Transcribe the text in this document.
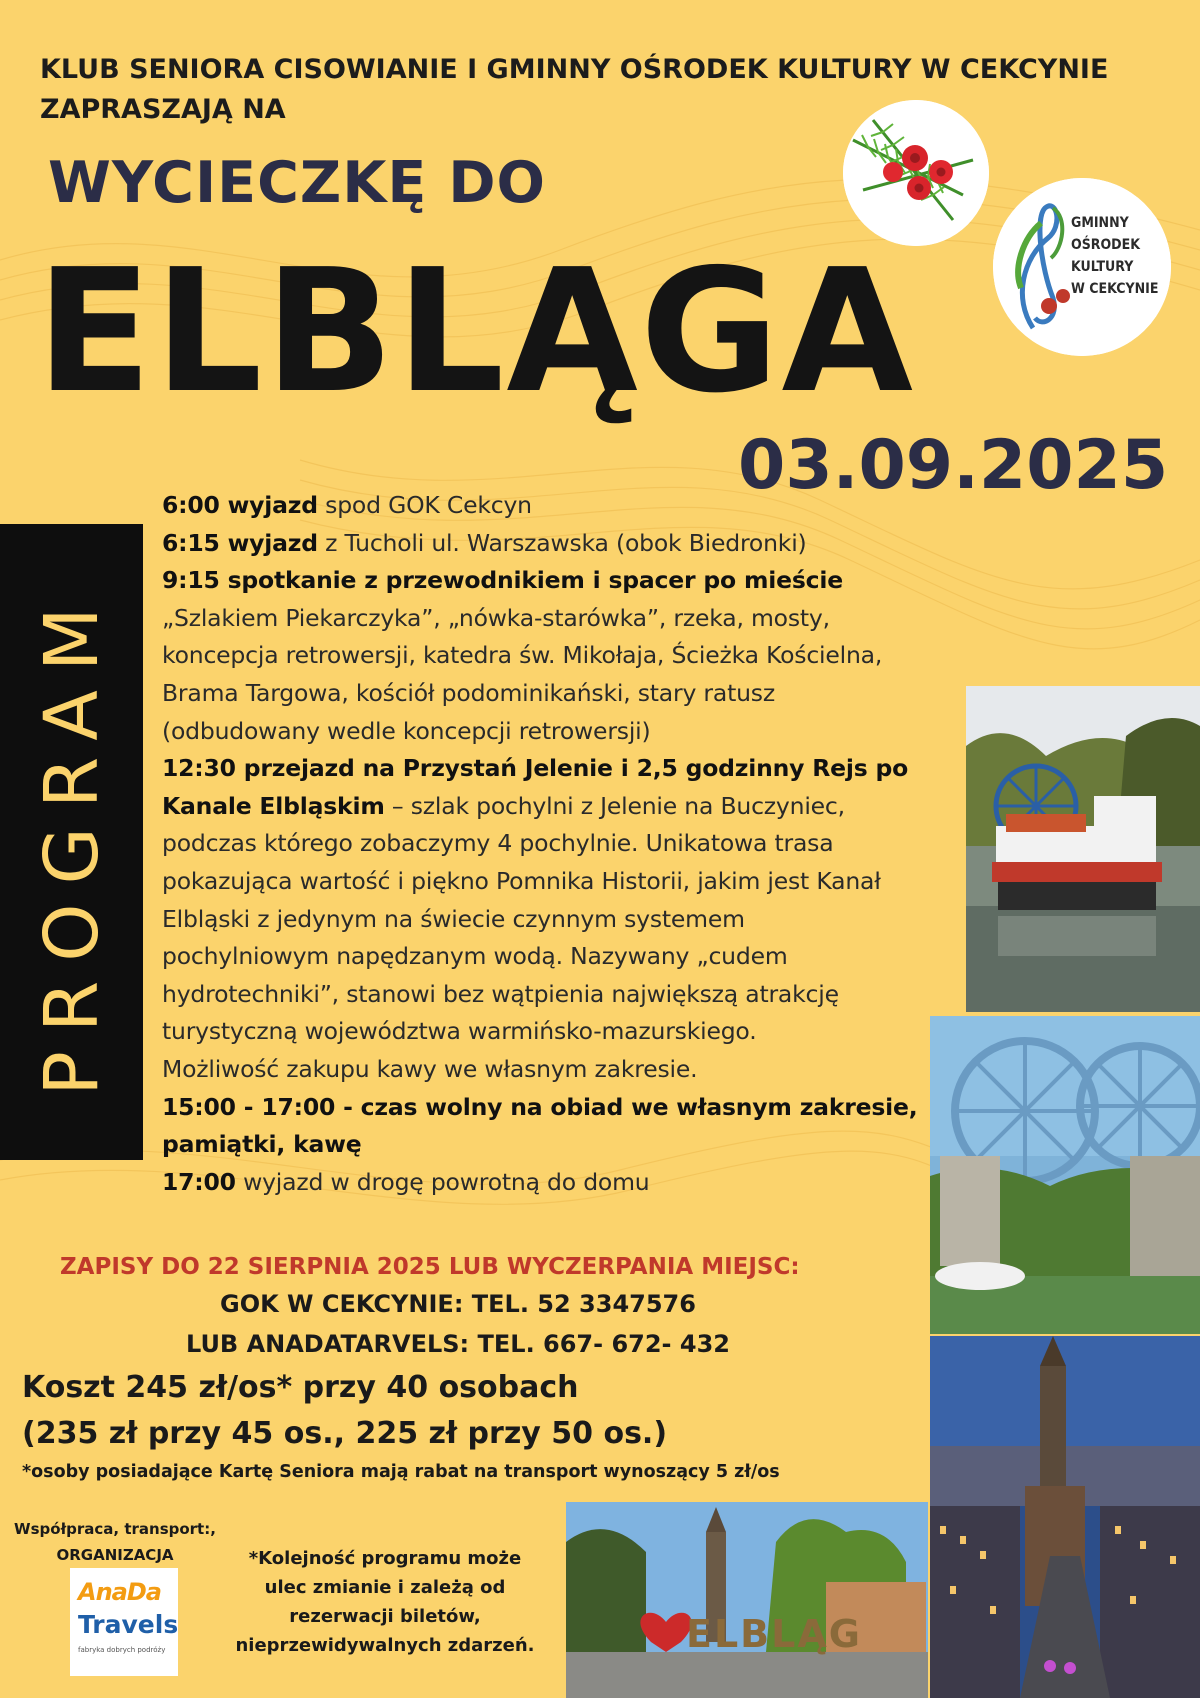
KLUB SENIORA CISOWIANIE I GMINNY OŚRODEK KULTURY W CEKCYNIE
ZAPRASZAJĄ NA
WYCIECZKĘ DO
ELBLĄGA
03.09.2025
GMINNY
OŚRODEK
KULTURY
W CEKCYNIE
PROGRAM
6:00 wyjazd spod GOK Cekcyn
6:15 wyjazd z Tucholi ul. Warszawska (obok Biedronki)
9:15 spotkanie z przewodnikiem i spacer po mieście
„Szlakiem Piekarczyka”, „nówka-starówka”, rzeka, mosty,
koncepcja retrowersji, katedra św. Mikołaja, Ścieżka Kościelna,
Brama Targowa, kościół podominikański, stary ratusz
(odbudowany wedle koncepcji retrowersji)
12:30 przejazd na Przystań Jelenie i 2,5 godzinny Rejs po
Kanale Elbląskim – szlak pochylni z Jelenie na Buczyniec,
podczas którego zobaczymy 4 pochylnie. Unikatowa trasa
pokazująca wartość i piękno Pomnika Historii, jakim jest Kanał
Elbląski z jedynym na świecie czynnym systemem
pochylniowym napędzanym wodą. Nazywany „cudem
hydrotechniki”, stanowi bez wątpienia największą atrakcję
turystyczną województwa warmińsko-mazurskiego.
Możliwość zakupu kawy we własnym zakresie.
15:00 - 17:00 - czas wolny na obiad we własnym zakresie,
pamiątki, kawę
17:00 wyjazd w drogę powrotną do domu
ELBLĄG
ZAPISY DO 22 SIERPNIA 2025 LUB WYCZERPANIA MIEJSC:
GOK W CEKCYNIE: TEL. 52 3347576
LUB ANADATARVELS: TEL. 667- 672- 432
Koszt 245 zł/os* przy 40 osobach
(235 zł przy 45 os., 225 zł przy 50 os.)
*osoby posiadające Kartę Seniora mają rabat na transport wynoszący 5 zł/os
Współpraca, transport:,
ORGANIZACJA
AnaDa
Travels
fabryka dobrych podróży
*Kolejność programu może
ulec zmianie i zależą od
rezerwacji biletów,
nieprzewidywalnych zdarzeń.
